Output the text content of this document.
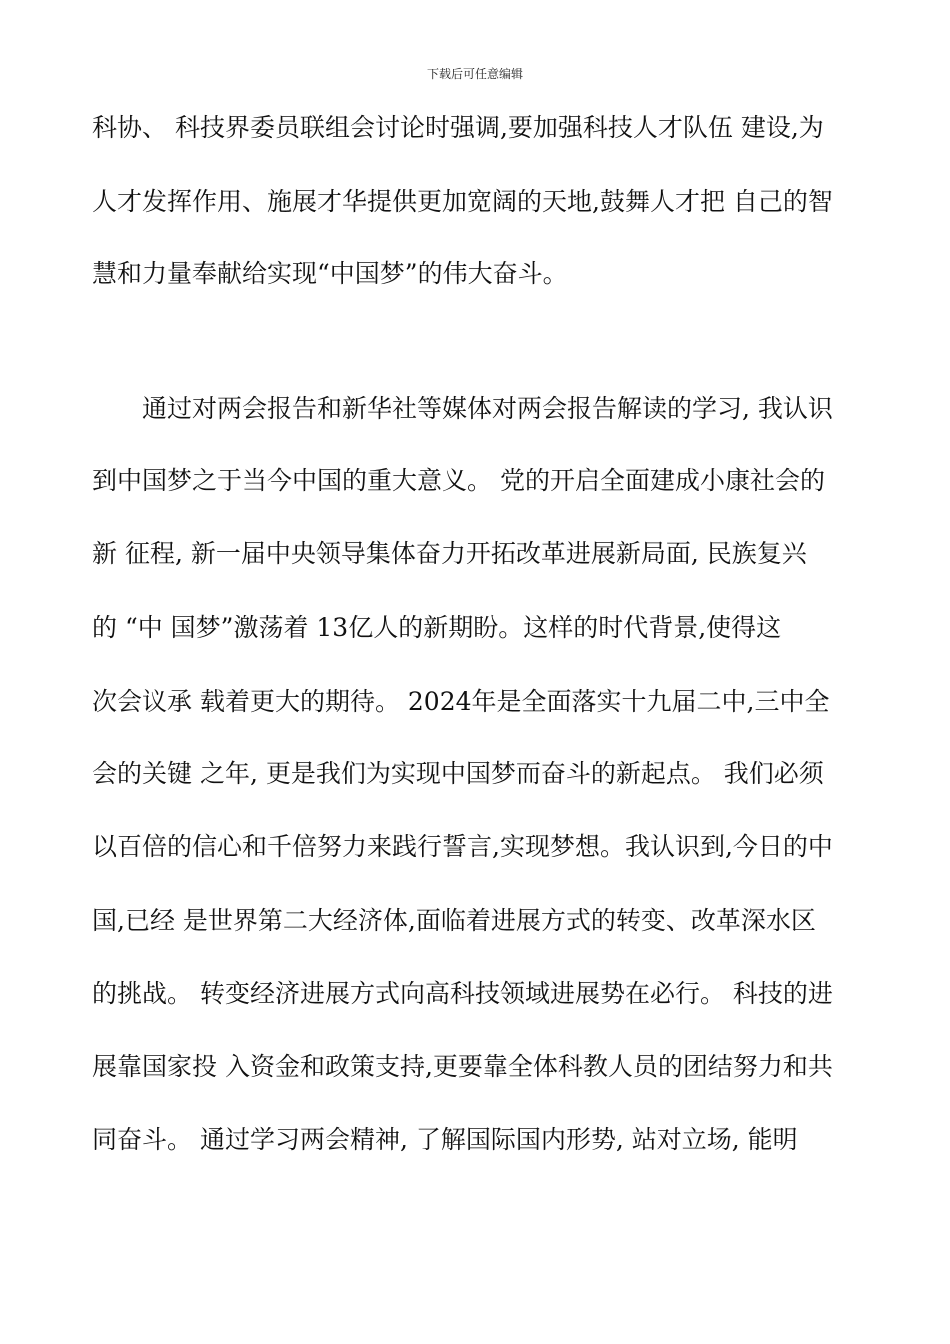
下载后可任意编辑
科协、 科技界委员联组会讨论时强调,要加强科技人才队伍 建设,为
人才发挥作用、施展才华提供更加宽阔的天地,鼓舞人才把 自己的智
慧和力量奉献给实现“中国梦”的伟大奋斗。
　　通过对两会报告和新华社等媒体对两会报告解读的学习, 我认识
到中国梦之于当今中国的重大意义。 党的开启全面建成小康社会的
新 征程, 新一届中央领导集体奋力开拓改革进展新局面, 民族复兴
的 “中 国梦”激荡着 13亿人的新期盼。这样的时代背景,使得这
次会议承 载着更大的期待。 2024年是全面落实十九届二中,三中全
会的关键 之年, 更是我们为实现中国梦而奋斗的新起点。 我们必须
以百倍的信心和千倍努力来践行誓言,实现梦想。我认识到,今日的中
国,已经 是世界第二大经济体,面临着进展方式的转变、改革深水区
的挑战。 转变经济进展方式向高科技领域进展势在必行。 科技的进
展靠国家投 入资金和政策支持,更要靠全体科教人员的团结努力和共
同奋斗。 通过学习两会精神, 了解国际国内形势, 站对立场, 能明
